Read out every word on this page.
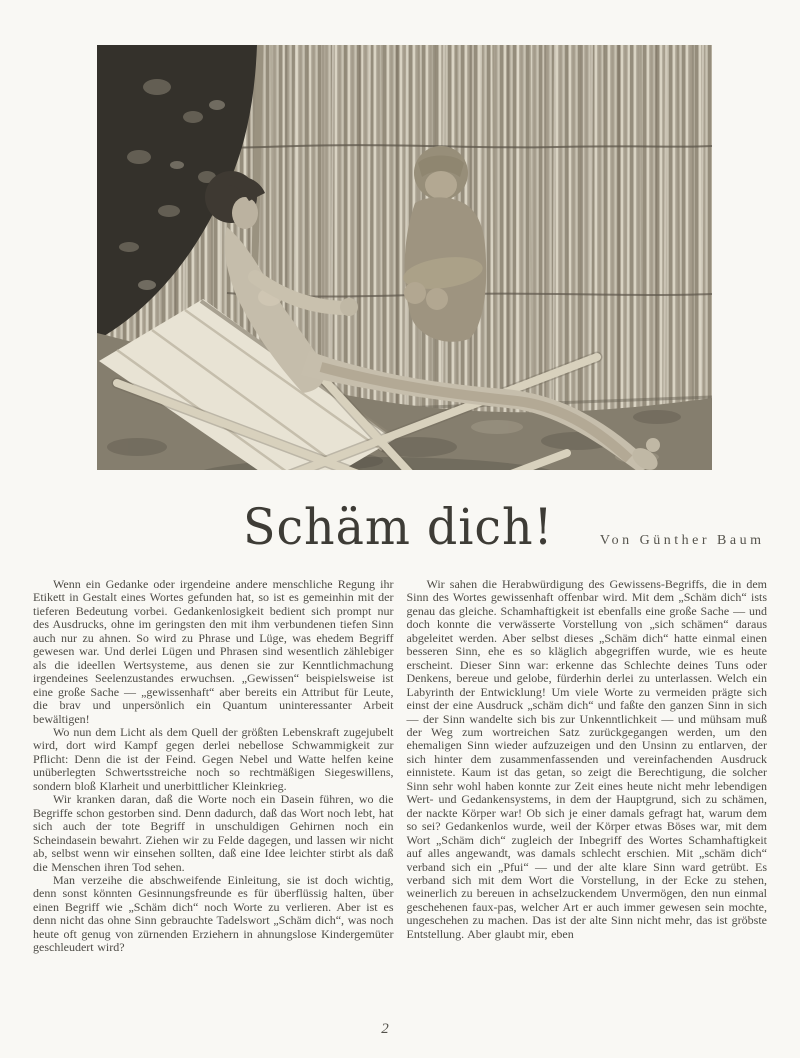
Schäm dich!	Von Günther Baum

Wenn ein Gedanke oder irgendeine andere menschliche Regung ihr Etikett in Gestalt eines Wortes gefunden hat, so ist es gemeinhin mit der tieferen Bedeutung vorbei. Gedankenlosigkeit bedient sich prompt nur des Ausdrucks, ohne im geringsten den mit ihm verbundenen tiefen Sinn auch nur zu ahnen. So wird zu Phrase und Lüge, was ehedem Begriff gewesen war. Und derlei Lügen und Phrasen sind wesentlich zählebiger als die ideellen Wertsysteme, aus denen sie zur Kenntlichmachung irgendeines Seelenzustandes erwuchsen. „Gewissen“ beispielsweise ist eine große Sache — „gewissenhaft“ aber bereits ein Attribut für Leute, die brav und unpersönlich ein Quantum uninteressanter Arbeit bewältigen!

Wo nun dem Licht als dem Quell der größten Lebenskraft zugejubelt wird, dort wird Kampf gegen derlei nebellose Schwammigkeit zur Pflicht: Denn die ist der Feind. Gegen Nebel und Watte helfen keine unüberlegten Schwertsstreiche noch so rechtmäßigen Siegeswillens, sondern bloß Klarheit und unerbittlicher Kleinkrieg.

Wir kranken daran, daß die Worte noch ein Dasein führen, wo die Begriffe schon gestorben sind. Denn dadurch, daß das Wort noch lebt, hat sich auch der tote Begriff in unschuldigen Gehirnen noch ein Scheindasein bewahrt. Ziehen wir zu Felde dagegen, und lassen wir nicht ab, selbst wenn wir einsehen sollten, daß eine Idee leichter stirbt als daß die Menschen ihren Tod sehen.

Man verzeihe die abschweifende Einleitung, sie ist doch wichtig, denn sonst könnten Gesinnungsfreunde es für überflüssig halten, über einen Begriff wie „Schäm dich“ noch Worte zu verlieren. Aber ist es denn nicht das ohne Sinn gebrauchte Tadelswort „Schäm dich“, was noch heute oft genug von zürnenden Erziehern in ahnungslose Kindergemüter geschleudert wird?

Wir sahen die Herabwürdigung des Gewissens-Begriffs, die in dem Sinn des Wortes gewissenhaft offenbar wird. Mit dem „Schäm dich“ ists genau das gleiche. Schamhaftigkeit ist ebenfalls eine große Sache — und doch konnte die verwässerte Vorstellung von „sich schämen“ daraus abgeleitet werden. Aber selbst dieses „Schäm dich“ hatte einmal einen besseren Sinn, ehe es so kläglich abgegriffen wurde, wie es heute erscheint. Dieser Sinn war: erkenne das Schlechte deines Tuns oder Denkens, bereue und gelobe, fürderhin derlei zu unterlassen. Welch ein Labyrinth der Entwicklung! Um viele Worte zu vermeiden prägte sich einst der eine Ausdruck „schäm dich“ und faßte den ganzen Sinn in sich — der Sinn wandelte sich bis zur Unkenntlichkeit — und mühsam muß der Weg zum wortreichen Satz zurückgegangen werden, um den ehemaligen Sinn wieder aufzuzeigen und den Unsinn zu entlarven, der sich hinter dem zusammenfassenden und vereinfachenden Ausdruck einnistete. Kaum ist das getan, so zeigt die Berechtigung, die solcher Sinn sehr wohl haben konnte zur Zeit eines heute nicht mehr lebendigen Wert- und Gedankensystems, in dem der Hauptgrund, sich zu schämen, der nackte Körper war! Ob sich je einer damals gefragt hat, warum dem so sei? Gedankenlos wurde, weil der Körper etwas Böses war, mit dem Wort „Schäm dich“ zugleich der Inbegriff des Wortes Schamhaftigkeit auf alles angewandt, was damals schlecht erschien. Mit „schäm dich“ verband sich ein „Pfui“ — und der alte klare Sinn ward getrübt. Es verband sich mit dem Wort die Vorstellung, in der Ecke zu stehen, weinerlich zu bereuen in achselzuckendem Unvermögen, den nun einmal geschehenen faux-pas, welcher Art er auch immer gewesen sein mochte, ungeschehen zu machen. Das ist der alte Sinn nicht mehr, das ist gröbste Entstellung. Aber glaubt mir, eben

2
